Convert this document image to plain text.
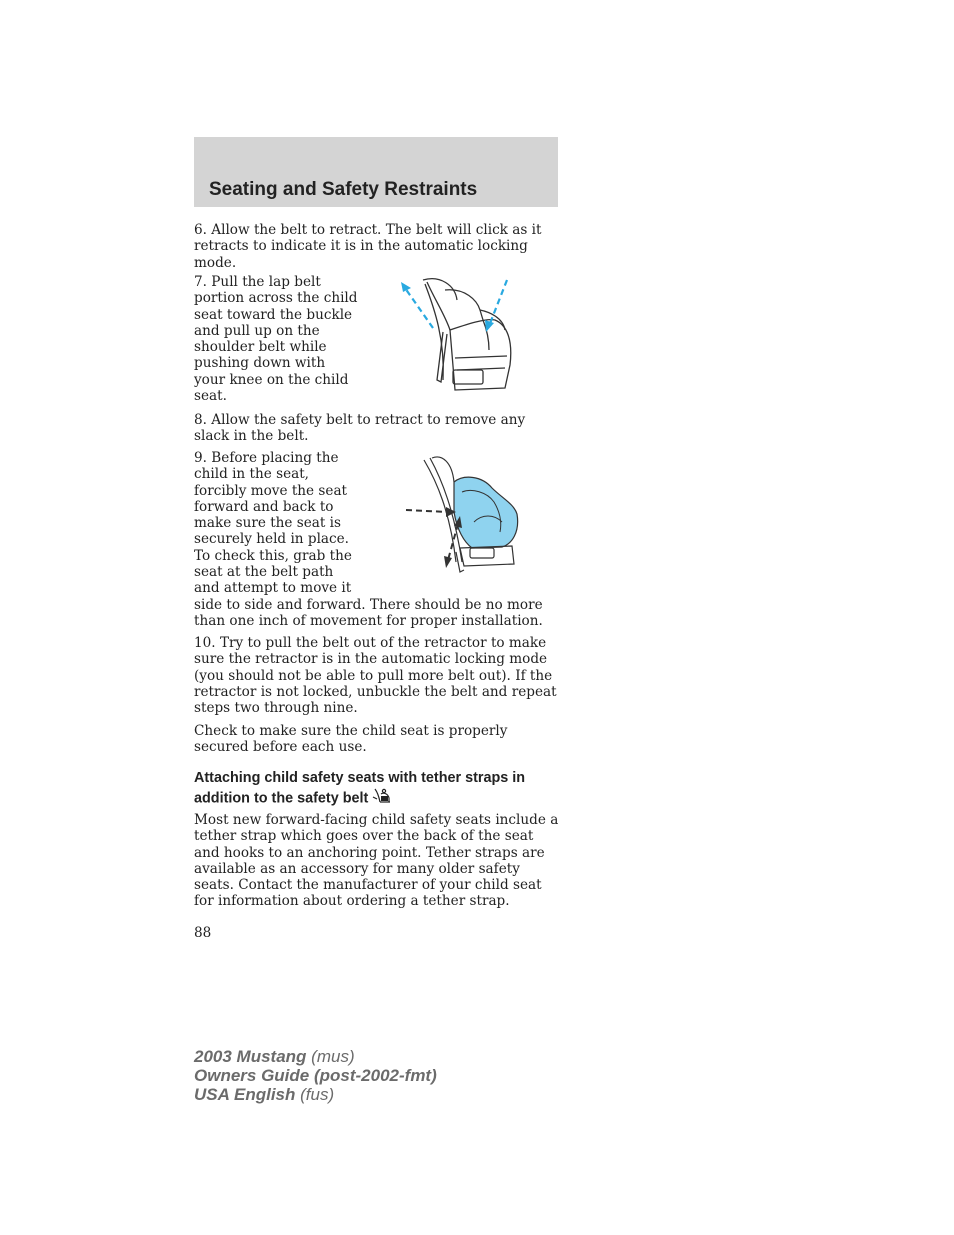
Seating and Safety Restraints

6. Allow the belt to retract. The belt will click as it retracts to indicate it is in the automatic locking mode.

7. Pull the lap belt portion across the child seat toward the buckle and pull up on the shoulder belt while pushing down with your knee on the child seat.

8. Allow the safety belt to retract to remove any slack in the belt.

9. Before placing the child in the seat, forcibly move the seat forward and back to make sure the seat is securely held in place. To check this, grab the seat at the belt path and attempt to move it

side to side and forward. There should be no more than one inch of movement for proper installation.

10. Try to pull the belt out of the retractor to make sure the retractor is in the automatic locking mode (you should not be able to pull more belt out). If the retractor is not locked, unbuckle the belt and repeat steps two through nine.

Check to make sure the child seat is properly secured before each use.

Attaching child safety seats with tether straps in addition to the safety belt

Most new forward-facing child safety seats include a tether strap which goes over the back of the seat and hooks to an anchoring point. Tether straps are available as an accessory for many older safety seats. Contact the manufacturer of your child seat for information about ordering a tether strap.

88

2003 Mustang (mus)
Owners Guide (post-2002-fmt)
USA English (fus)
